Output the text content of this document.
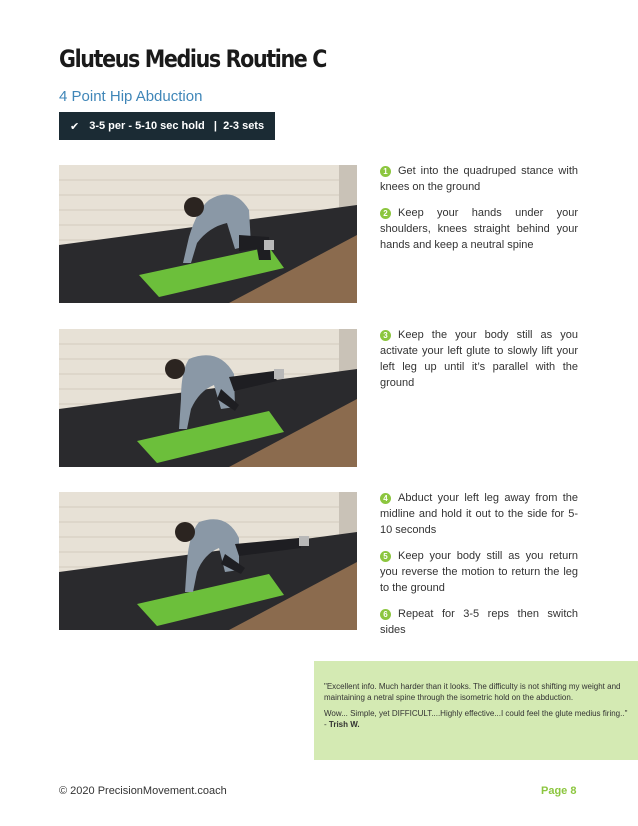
Gluteus Medius Routine C
4 Point Hip Abduction
✔ 3-5 per - 5-10 sec hold   |  2-3 sets

1 Get into the quadruped stance with knees on the ground

2 Keep your hands under your shoulders, knees straight behind your hands and keep a neutral spine

3 Keep the your body still as you activate your left glute to slowly lift your left leg up until it’s parallel with the ground

4 Abduct your left leg away from the midline and hold it out to the side for 5-10 seconds

5 Keep your body still as you return you reverse the motion to return the leg to the ground

6 Repeat for 3-5 reps then switch sides

"Excellent info. Much harder than it looks. The difficulty is not shifting my weight and maintaining a netral spine through the isometric hold on the abduction.

Wow... Simple, yet DIFFICULT....Highly effective...I could feel the glute medius firing.." - Trish W.

© 2020 PrecisionMovement.coach	Page 8
